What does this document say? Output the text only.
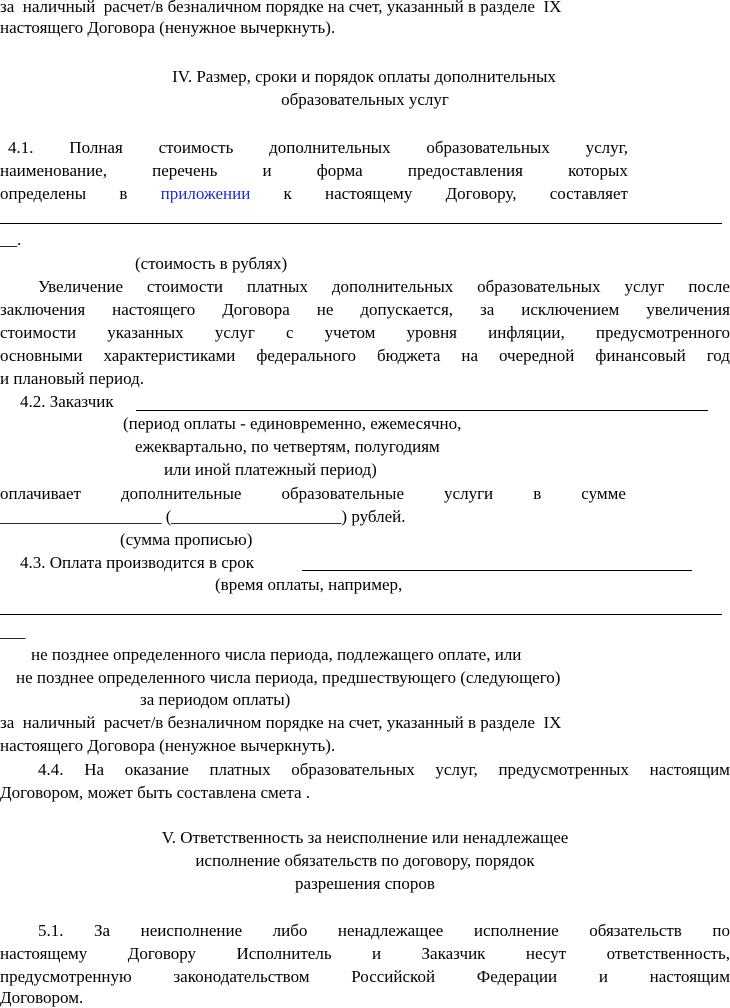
за  наличный  расчет/в безналичном порядке на счет, указанный в разделе  IX
настоящего Договора (ненужное вычеркнуть).
IV. Размер, сроки и порядок оплаты дополнительных
образовательных услуг
4.1. Полная стоимость дополнительных образовательных услуг,
наименование,	перечень	и	форма	предоставления	которых
определены в приложении к настоящему Договору, составляет
__.
(стоимость в рублях)
Увеличение стоимости платных дополнительных образовательных услуг после
заключения настоящего Договора не допускается, за исключением увеличения
стоимости указанных услуг с учетом уровня инфляции, предусмотренного
основными характеристиками федерального бюджета на очередной финансовый год
и плановый период.
4.2. Заказчик
(период оплаты - единовременно, ежемесячно,
ежеквартально, по четвертям, полугодиям
или иной платежный период)
оплачивает дополнительные образовательные услуги в сумме
___________________ (____________________) рублей.
(сумма прописью)
4.3. Оплата производится в срок
(время оплаты, например,
___
не позднее определенного числа периода, подлежащего оплате, или
не позднее определенного числа периода, предшествующего (следующего)
за периодом оплаты)
за  наличный  расчет/в безналичном порядке на счет, указанный в разделе  IX
настоящего Договора (ненужное вычеркнуть).
4.4. На оказание платных образовательных услуг, предусмотренных настоящим
Договором, может быть составлена смета .
V. Ответственность за неисполнение или ненадлежащее
исполнение обязательств по договору, порядок
разрешения споров
5.1. За неисполнение либо ненадлежащее исполнение обязательств по
настоящему Договору Исполнитель и Заказчик несут ответственность,
предусмотренную законодательством Российской Федерации и настоящим
Договором.
